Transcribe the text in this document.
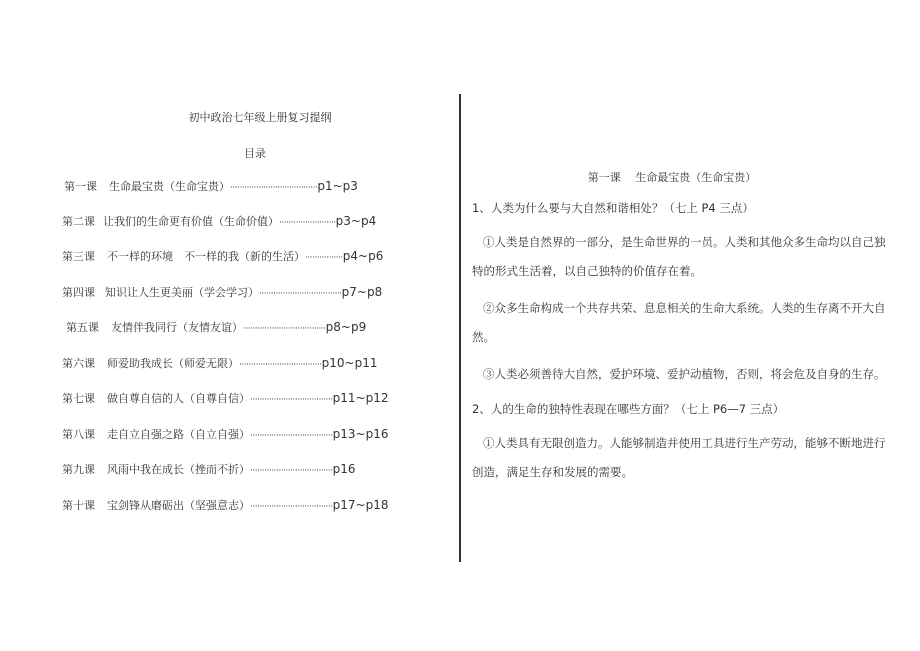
初中政治七年级上册复习提纲
目录
第一课 生命最宝贵（生命宝贵）·····································p1~p3
第二课 让我们的生命更有价值（生命价值）························p3~p4
第三课 不一样的环境　不一样的我（新的生活）················p4~p6
第四课 知识让人生更美丽（学会学习）···································p7~p8
第五课 友情伴我同行（友情友谊）···································p8~p9
第六课 师爱助我成长（师爱无限）···································p10~p11
第七课 做自尊自信的人（自尊自信）···································p11~p12
第八课 走自立自强之路（自立自强）···································p13~p16
第九课 风雨中我在成长（挫而不折）···································p16
第十课 宝剑锋从磨砺出（坚强意志）···································p17~p18
第一课　 生命最宝贵（生命宝贵）

1、人类为什么要与大自然和谐相处？（七上 P4 三点）

①人类是自然界的一部分，是生命世界的一员。人类和其他众多生命均以自己独特的形式生活着，以自己独特的价值存在着。

②众多生命构成一个共存共荣、息息相关的生命大系统。人类的生存离不开大自然。

③人类必须善待大自然，爱护环境、爱护动植物，否则，将会危及自身的生存。

2、人的生命的独特性表现在哪些方面？（七上 P6—7 三点）

①人类具有无限创造力。人能够制造并使用工具进行生产劳动，能够不断地进行创造，满足生存和发展的需要。
